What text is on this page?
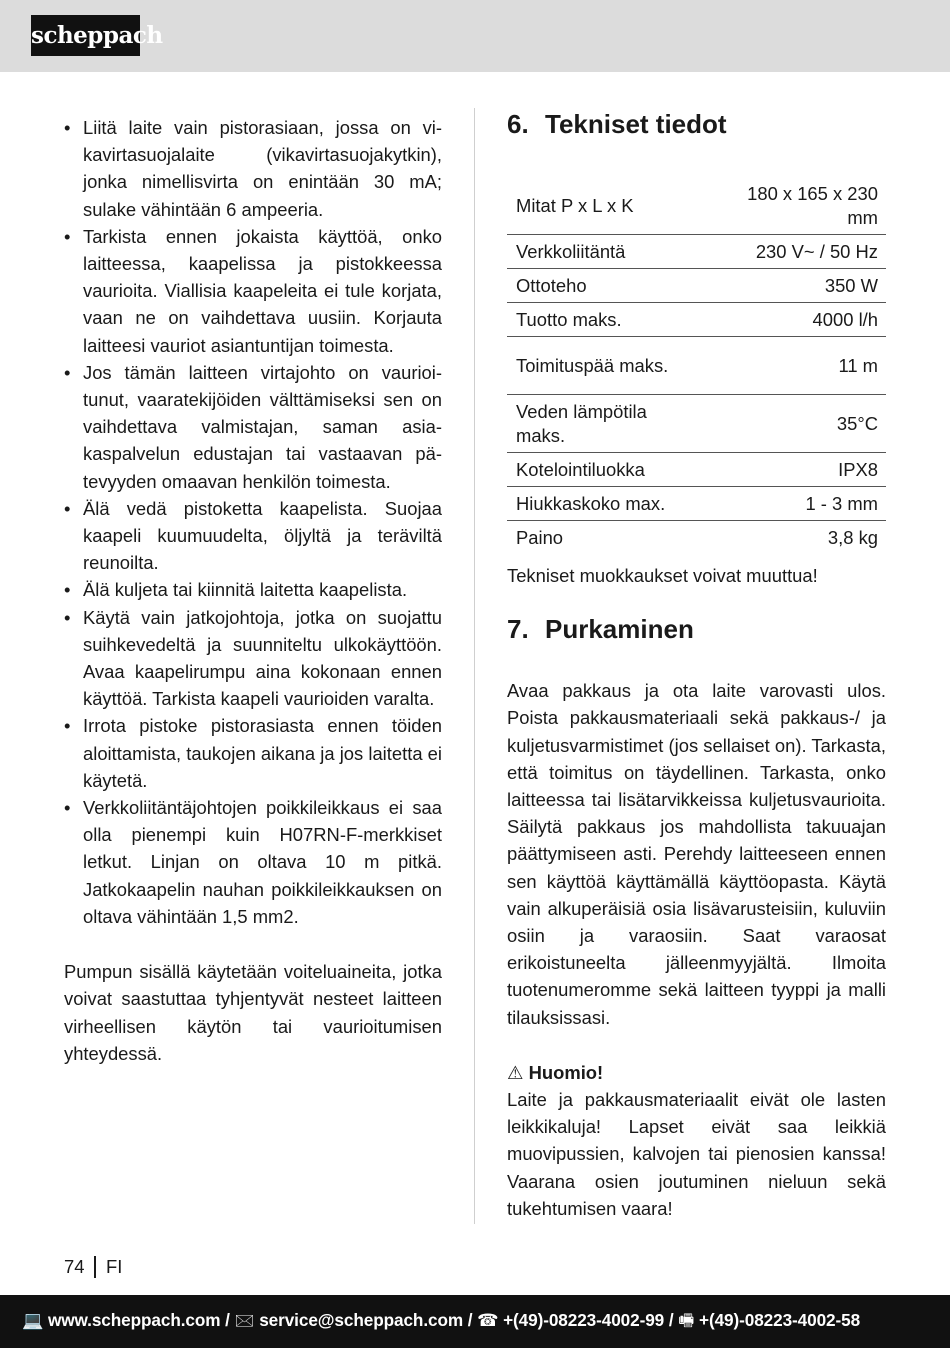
scheppach
• Liitä laite vain pistorasiaan, jossa on vikavirtasuojalaite (vikavirtasuojakytkin), jonka nimellisvirta on enintään 30 mA; sulake vähintään 6 ampeeria.
• Tarkista ennen jokaista käyttöä, onko laitteessa, kaapelissa ja pistokkeessa vaurioita. Viallisia kaapeleita ei tule korjata, vaan ne on vaihdettava uusiin. Korjauta laitteesi vauriot asiantuntijan toimesta.
• Jos tämän laitteen virtajohto on vaurioitunut, vaaratekijöiden välttämiseksi sen on vaihdettava valmistajan, saman asiakaspalvelun edustajan tai vastaavan pätevyyden omaavan henkilön toimesta.
• Älä vedä pistoketta kaapelista. Suojaa kaapeli kuumuudelta, öljyltä ja teräviltä reunoilta.
• Älä kuljeta tai kiinnitä laitetta kaapelista.
• Käytä vain jatkojohtoja, jotka on suojattu suihkevedeltä ja suunniteltu ulkokäyttöön. Avaa kaapelirumpu aina kokonaan ennen käyttöä. Tarkista kaapeli vaurioiden varalta.
• Irrota pistoke pistorasiasta ennen töiden aloittamista, taukojen aikana ja jos laitetta ei käytetä.
• Verkkoliitäntäjohtojen poikkileikkaus ei saa olla pienempi kuin H07RN-F-merkkiset letkut. Linjan on oltava 10 m pitkä. Jatkokaapelin nauhan poikkileikkauksen on oltava vähintään 1,5 mm2.

Pumpun sisällä käytetään voiteluaineita, jotka voivat saastuttaa tyhjentyvät nesteet laitteen virheellisen käytön tai vaurioitumisen yhteydessä.

6. Tekniset tiedot
Mitat P x L x K	180 x 165 x 230 mm
Verkkoliitäntä	230 V~ / 50 Hz
Ottoteho	350 W
Tuotto maks.	4000 l/h
Toimituspää maks.	11 m
Veden lämpötila maks.	35°C
Kotelointiluokka	IPX8
Hiukkaskoko max.	1 - 3 mm
Paino	3,8 kg
Tekniset muokkaukset voivat muuttua!
7. Purkaminen

Avaa pakkaus ja ota laite varovasti ulos. Poista pakkausmateriaali sekä pakkaus-/ ja kuljetusvarmistimet (jos sellaiset on). Tarkasta, että toimitus on täydellinen. Tarkasta, onko laitteessa tai lisätarvikkeissa kuljetusvaurioita. Säilytä pakkaus jos mahdollista takuuajan päättymiseen asti. Perehdy laitteeseen ennen sen käyttöä käyttämällä käyttöopasta. Käytä vain alkuperäisiä osia lisävarusteisiin, kuluviin osiin ja varaosiin. Saat varaosat erikoistuneelta jälleenmyyjältä. Ilmoita tuotenumeromme sekä laitteen tyyppi ja malli tilauksissasi.

⚠ Huomio!
Laite ja pakkausmateriaalit eivät ole lasten leikkikaluja! Lapset eivät saa leikkiä muovipussien, kalvojen tai pienosien kanssa! Vaarana osien joutuminen nieluun sekä tukehtumisen vaara!
74 FI
💻 www.scheppach.com / 🖂 service@scheppach.com / ☎ +(49)-08223-4002-99 / 🖷 +(49)-08223-4002-58
